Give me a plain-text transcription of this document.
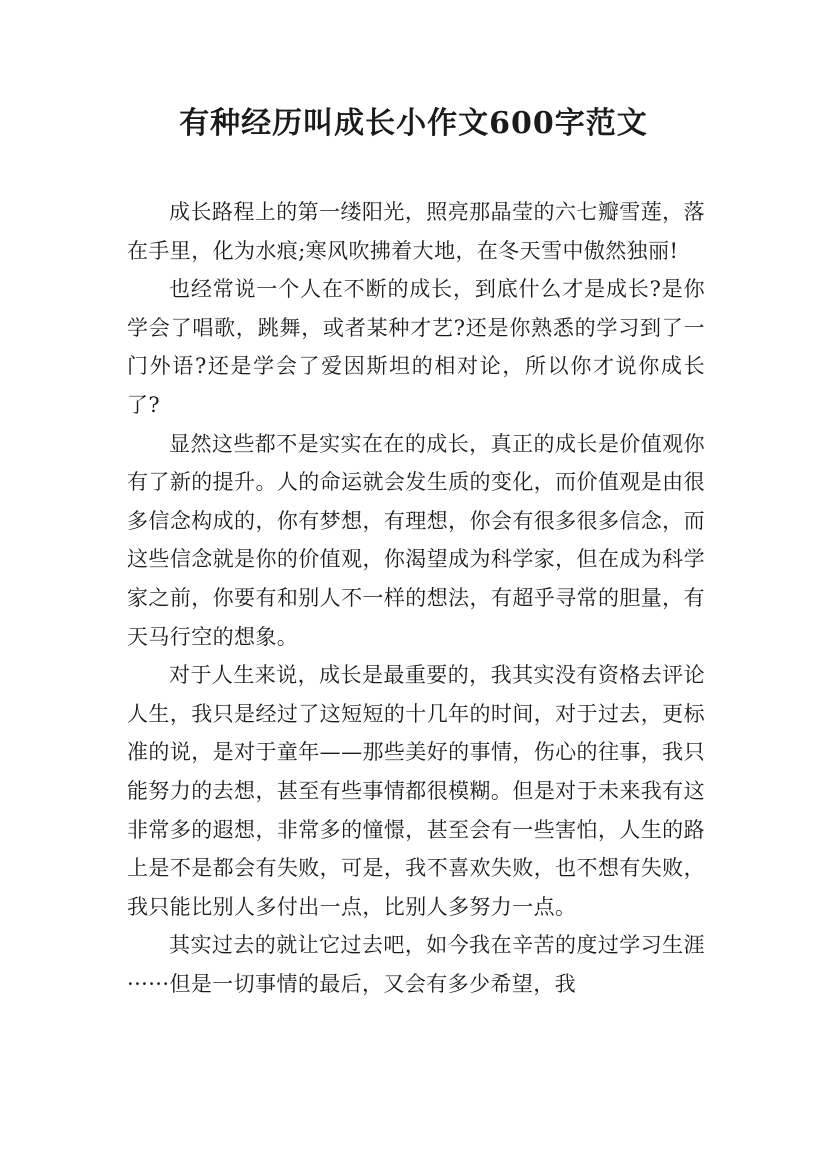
有种经历叫成长小作文600字范文

成长路程上的第一缕阳光，照亮那晶莹的六七瓣雪莲，落在手里，化为水痕;寒风吹拂着大地，在冬天雪中傲然独丽!

也经常说一个人在不断的成长，到底什么才是成长?是你学会了唱歌，跳舞，或者某种才艺?还是你熟悉的学习到了一门外语?还是学会了爱因斯坦的相对论，所以你才说你成长了?

显然这些都不是实实在在的成长，真正的成长是价值观你有了新的提升。人的命运就会发生质的变化，而价值观是由很多信念构成的，你有梦想，有理想，你会有很多很多信念，而这些信念就是你的价值观，你渴望成为科学家，但在成为科学家之前，你要有和别人不一样的想法，有超乎寻常的胆量，有天马行空的想象。

对于人生来说，成长是最重要的，我其实没有资格去评论人生，我只是经过了这短短的十几年的时间，对于过去，更标准的说，是对于童年——那些美好的事情，伤心的往事，我只能努力的去想，甚至有些事情都很模糊。但是对于未来我有这非常多的遐想，非常多的憧憬，甚至会有一些害怕，人生的路上是不是都会有失败，可是，我不喜欢失败，也不想有失败，我只能比别人多付出一点，比别人多努力一点。

其实过去的就让它过去吧，如今我在辛苦的度过学习生涯······但是一切事情的最后，又会有多少希望，我
